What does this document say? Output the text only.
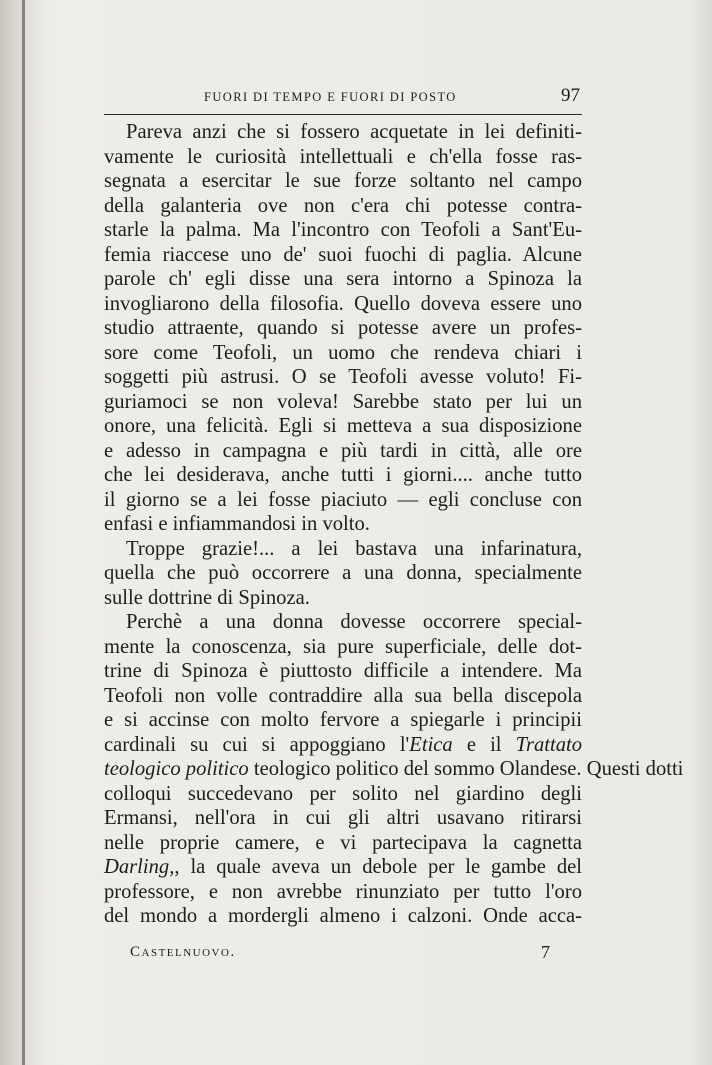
FUORI DI TEMPO E FUORI DI POSTO	97
Pareva anzi che si fossero acquetate in lei definiti-
vamente le curiosità intellettuali e ch'ella fosse ras-
segnata a esercitar le sue forze soltanto nel campo
della galanteria ove non c'era chi potesse contra-
starle la palma. Ma l'incontro con Teofoli a Sant'Eu-
femia riaccese uno de' suoi fuochi di paglia. Alcune
parole ch' egli disse una sera intorno a Spinoza la
invogliarono della filosofia. Quello doveva essere uno
studio attraente, quando si potesse avere un profes-
sore come Teofoli, un uomo che rendeva chiari i
soggetti più astrusi. O se Teofoli avesse voluto! Fi-
guriamoci se non voleva! Sarebbe stato per lui un
onore, una felicità. Egli si metteva a sua disposizione
e adesso in campagna e più tardi in città, alle ore
che lei desiderava, anche tutti i giorni.... anche tutto
il giorno se a lei fosse piaciuto — egli concluse con
enfasi e infiammandosi in volto.
Troppe grazie!... a lei bastava una infarinatura,
quella che può occorrere a una donna, specialmente
sulle dottrine di Spinoza.
Perchè a una donna dovesse occorrere special-
mente la conoscenza, sia pure superficiale, delle dot-
trine di Spinoza è piuttosto difficile a intendere. Ma
Teofoli non volle contraddire alla sua bella discepola
e si accinse con molto fervore a spiegarle i principii
cardinali su cui si appoggiano l'Etica e il Trattato
teologico politico teologico politico del sommo Olandese. Questi dotti
colloqui succedevano per solito nel giardino degli
Ermansi, nell'ora in cui gli altri usavano ritirarsi
nelle proprie camere, e vi partecipava la cagnetta
Darling,, la quale aveva un debole per le gambe del
professore, e non avrebbe rinunziato per tutto l'oro
del mondo a mordergli almeno i calzoni. Onde acca-
Castelnuovo.	7
